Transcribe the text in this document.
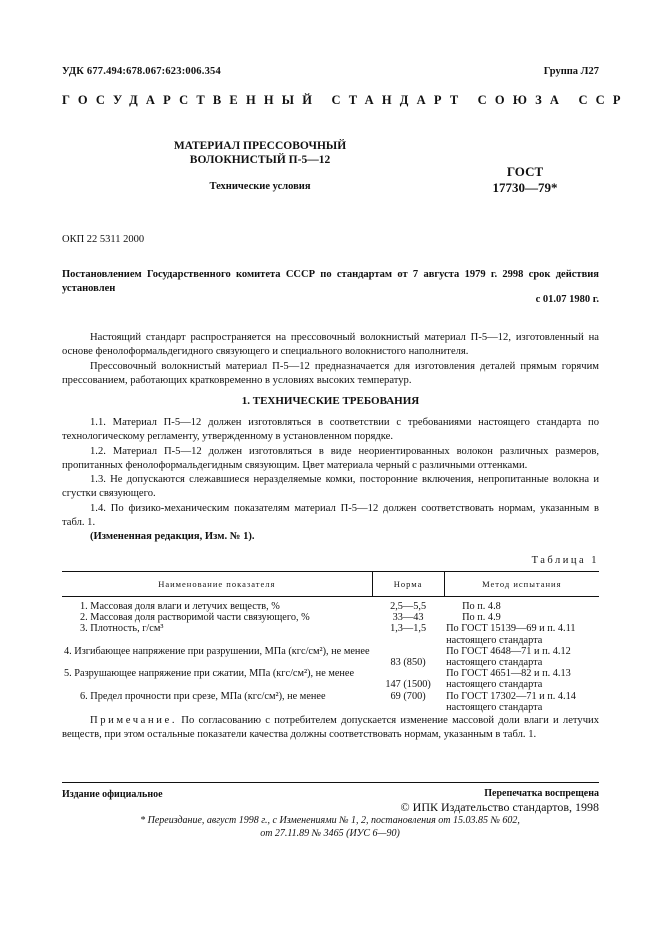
УДК 677.494:678.067:623:006.354	Группа Л27
ГОСУДАРСТВЕННЫЙ СТАНДАРТ СОЮЗА ССР
МАТЕРИАЛ ПРЕССОВОЧНЫЙ
ВОЛОКНИСТЫЙ П-5—12
Технические условия
ГОСТ
17730—79*
ОКП 22 5311 2000
Постановлением Государственного комитета СССР по стандартам от 7 августа 1979 г. 2998 срок действия установлен
с 01.07 1980 г.

Настоящий стандарт распространяется на прессовочный волокнистый материал П-5—12, изготовленный на основе фенолоформальдегидного связующего и специального волокнистого наполнителя.

Прессовочный волокнистый материал П-5—12 предназначается для изготовления деталей прямым горячим прессованием, работающих кратковременно в условиях высоких температур.

1. ТЕХНИЧЕСКИЕ ТРЕБОВАНИЯ

1.1. Материал П-5—12 должен изготовляться в соответствии с требованиями настоящего стандарта по технологическому регламенту, утвержденному в установленном порядке.

1.2. Материал П-5—12 должен изготовляться в виде неориентированных волокон различных размеров, пропитанных фенолоформальдегидным связующим. Цвет материала черный с различными оттенками.

1.3. Не допускаются слежавшиеся неразделяемые комки, посторонние включения, непропитанные волокна и сгустки связующего.

1.4. По физико-механическим показателям материал П-5—12 должен соответствовать нормам, указанным в табл. 1.

(Измененная редакция, Изм. № 1).

Таблица 1
Наименование показателя	Норма	Метод испытания
1. Массовая доля влаги и летучих веществ, %	2,5—5,5	По п. 4.8
2. Массовая доля растворимой части связующего, %	33—43	По п. 4.9
3. Плотность, г/см³	1,3—1,5	По ГОСТ 15139—69 и п. 4.11 настоящего стандарта
4. Изгибающее напряжение при разрушении, МПа (кгс/см²), не менее	83 (850)	По ГОСТ 4648—71 и п. 4.12 настоящего стандарта
5. Разрушающее напряжение при сжатии, МПа (кгс/см²), не менее	147 (1500)	По ГОСТ 4651—82 и п. 4.13 настоящего стандарта
6. Предел прочности при срезе, МПа (кгс/см²), не менее	69 (700)	По ГОСТ 17302—71 и п. 4.14 настоящего стандарта

Примечание. По согласованию с потребителем допускается изменение массовой доли влаги и летучих веществ, при этом остальные показатели качества должны соответствовать нормам, указанным в табл. 1.

Издание официальное	Перепечатка воспрещена
© ИПК Издательство стандартов, 1998
* Переиздание, август 1998 г., с Изменениями № 1, 2, постановления от 15.03.85 № 602,
от 27.11.89 № 3465 (ИУС 6—90)
